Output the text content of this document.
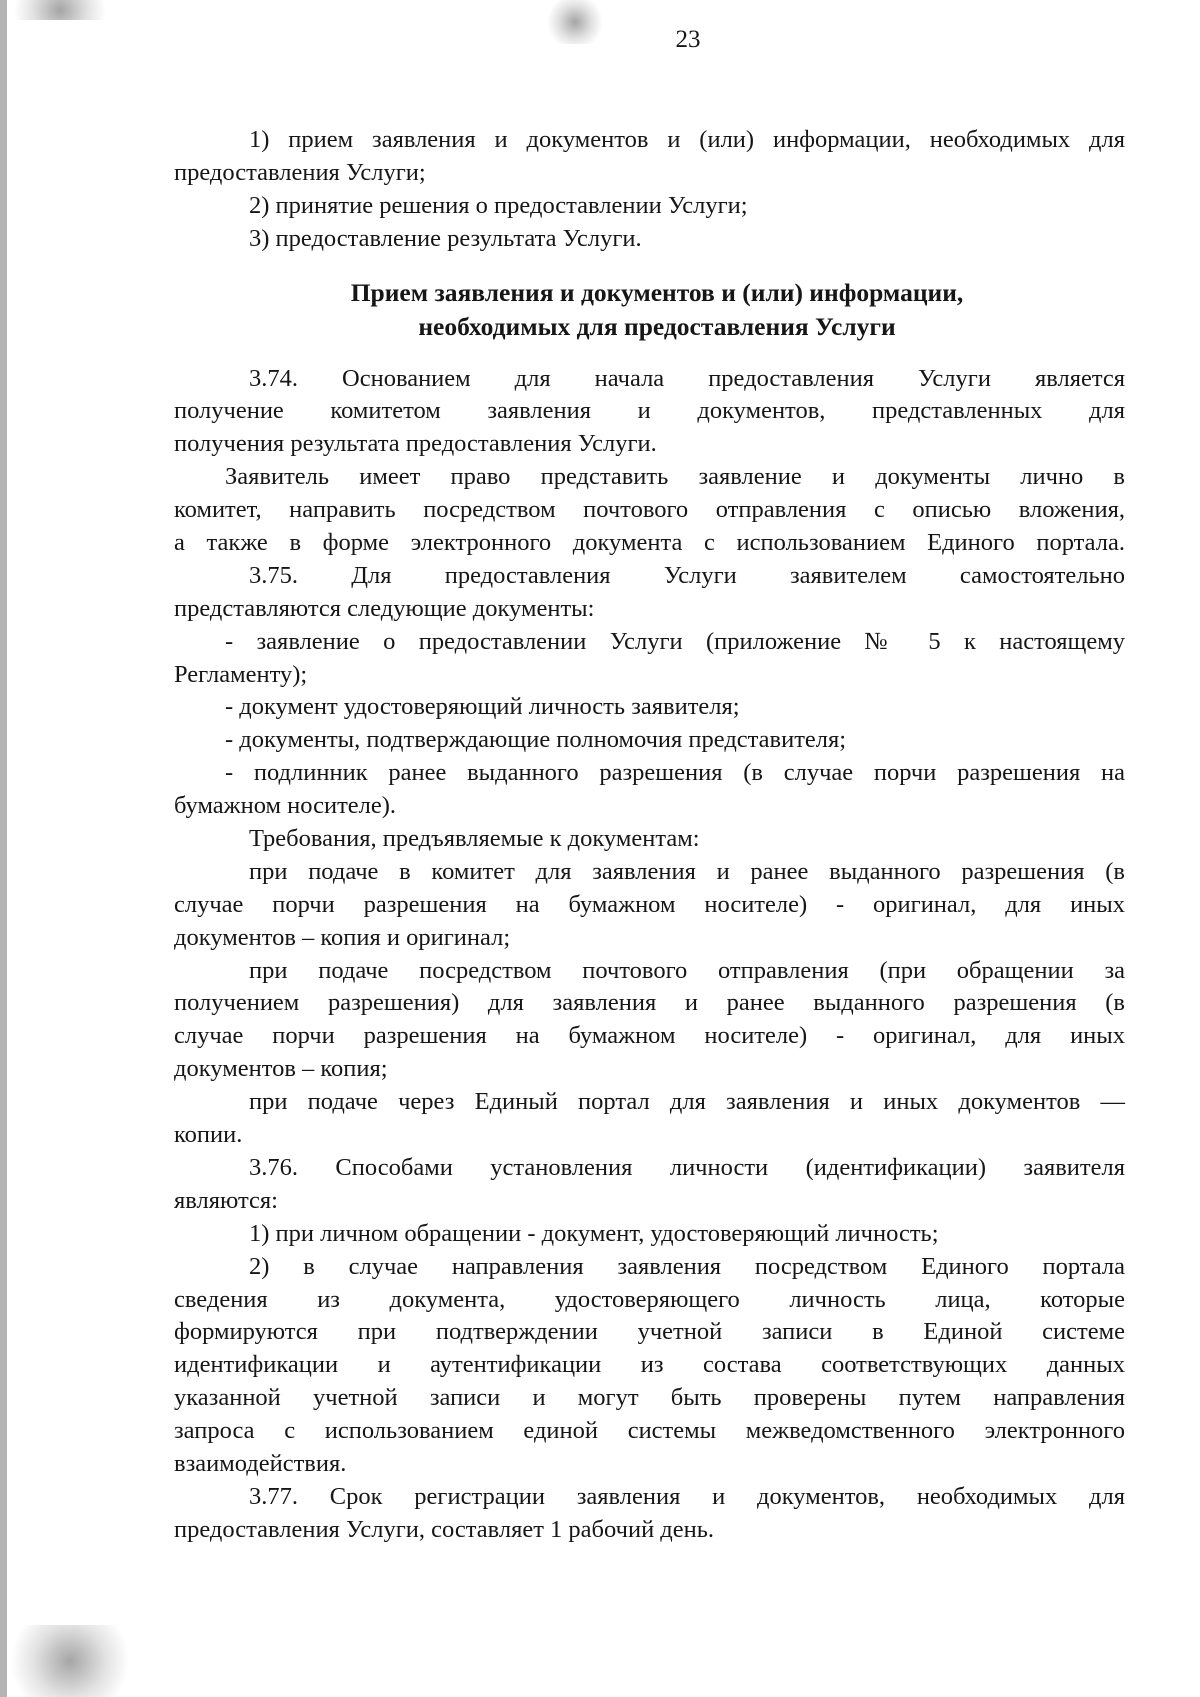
23
1) прием заявления и документов и (или) информации, необходимых для
предоставления Услуги;
2) принятие решения о предоставлении Услуги;
3) предоставление результата Услуги.
Прием заявления и документов и (или) информации,
необходимых для предоставления Услуги
3.74. Основанием для начала предоставления Услуги является
получение комитетом заявления и документов, представленных для
получения результата предоставления Услуги.
Заявитель имеет право представить заявление и документы лично в
комитет, направить посредством почтового отправления с описью вложения,
а также в форме электронного документа с использованием Единого портала.
3.75. Для предоставления Услуги заявителем самостоятельно
представляются следующие документы:
- заявление о предоставлении Услуги (приложение № 5 к настоящему
Регламенту);
- документ удостоверяющий личность заявителя;
- документы, подтверждающие полномочия представителя;
- подлинник ранее выданного разрешения (в случае порчи разрешения на
бумажном носителе).
Требования, предъявляемые к документам:
при подаче в комитет для заявления и ранее выданного разрешения (в
случае порчи разрешения на бумажном носителе) - оригинал, для иных
документов – копия и оригинал;
при подаче посредством почтового отправления (при обращении за
получением разрешения) для заявления и ранее выданного разрешения (в
случае порчи разрешения на бумажном носителе) - оригинал, для иных
документов – копия;
при подаче через Единый портал для заявления и иных документов —
копии.
3.76. Способами установления личности (идентификации) заявителя
являются:
1) при личном обращении - документ, удостоверяющий личность;
2) в случае направления заявления посредством Единого портала
сведения из документа, удостоверяющего личность лица, которые
формируются при подтверждении учетной записи в Единой системе
идентификации и аутентификации из состава соответствующих данных
указанной учетной записи и могут быть проверены путем направления
запроса с использованием единой системы межведомственного электронного
взаимодействия.
3.77. Срок регистрации заявления и документов, необходимых для
предоставления Услуги, составляет 1 рабочий день.
